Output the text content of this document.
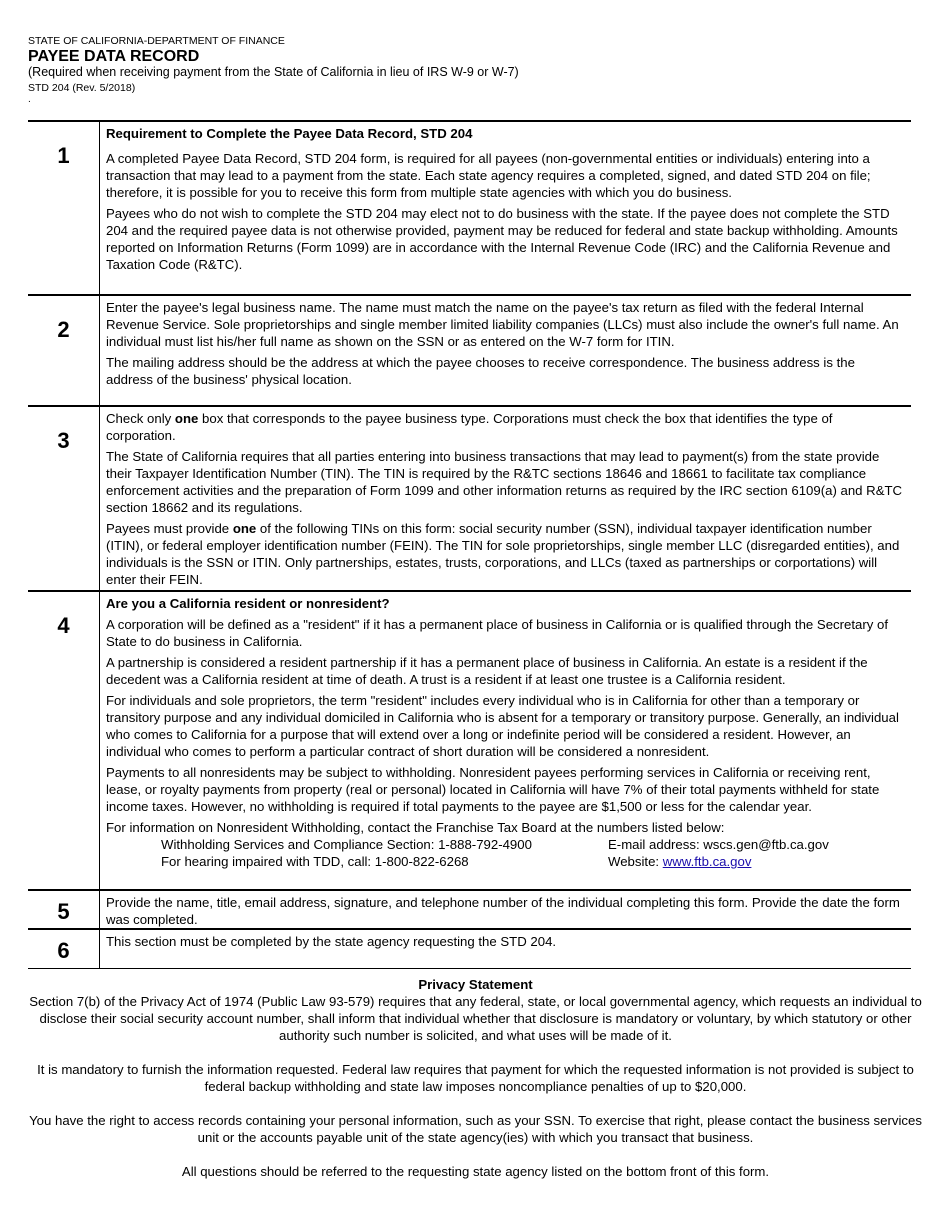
STATE OF CALIFORNIA-DEPARTMENT OF FINANCE
PAYEE DATA RECORD
(Required when receiving payment from the State of California in lieu of IRS W-9 or W-7)
STD 204 (Rev. 5/2018)
.
1

Requirement to Complete the Payee Data Record, STD 204

A completed Payee Data Record, STD 204 form, is required for all payees (non-governmental entities or individuals) entering into a transaction that may lead to a payment from the state. Each state agency requires a completed, signed, and dated STD 204 on file; therefore, it is possible for you to receive this form from multiple state agencies with which you do business.

Payees who do not wish to complete the STD 204 may elect not to do business with the state. If the payee does not complete the STD 204 and the required payee data is not otherwise provided, payment may be reduced for federal and state backup withholding. Amounts reported on Information Returns (Form 1099) are in accordance with the Internal Revenue Code (IRC) and the California Revenue and Taxation Code (R&TC).

2

Enter the payee's legal business name. The name must match the name on the payee's tax return as filed with the federal Internal Revenue Service. Sole proprietorships and single member limited liability companies (LLCs) must also include the owner's full name. An individual must list his/her full name as shown on the SSN or as entered on the W-7 form for ITIN.

The mailing address should be the address at which the payee chooses to receive correspondence. The business address is the address of the business' physical location.

3

Check only one box that corresponds to the payee business type. Corporations must check the box that identifies the type of corporation.

The State of California requires that all parties entering into business transactions that may lead to payment(s) from the state provide their Taxpayer Identification Number (TIN). The TIN is required by the R&TC sections 18646 and 18661 to facilitate tax compliance enforcement activities and the preparation of Form 1099 and other information returns as required by the IRC section 6109(a) and R&TC section 18662 and its regulations.

Payees must provide one of the following TINs on this form: social security number (SSN), individual taxpayer identification number (ITIN), or federal employer identification number (FEIN). The TIN for sole proprietorships, single member LLC (disregarded entities), and individuals is the SSN or ITIN. Only partnerships, estates, trusts, corporations, and LLCs (taxed as partnerships or corportations) will enter their FEIN.

4

Are you a California resident or nonresident?

A corporation will be defined as a "resident" if it has a permanent place of business in California or is qualified through the Secretary of State to do business in California.

A partnership is considered a resident partnership if it has a permanent place of business in California. An estate is a resident if the decedent was a California resident at time of death. A trust is a resident if at least one trustee is a California resident.

For individuals and sole proprietors, the term "resident" includes every individual who is in California for other than a temporary or transitory purpose and any individual domiciled in California who is absent for a temporary or transitory purpose. Generally, an individual who comes to California for a purpose that will extend over a long or indefinite period will be considered a resident. However, an individual who comes to perform a particular contract of short duration will be considered a nonresident.

Payments to all nonresidents may be subject to withholding. Nonresident payees performing services in California or receiving rent, lease, or royalty payments from property (real or personal) located in California will have 7% of their total payments withheld for state income taxes. However, no withholding is required if total payments to the payee are $1,500 or less for the calendar year.

For information on Nonresident Withholding, contact the Franchise Tax Board at the numbers listed below:
Withholding Services and Compliance Section: 1-888-792-4900	E-mail address: wscs.gen@ftb.ca.gov
For hearing impaired with TDD, call: 1-800-822-6268	Website: www.ftb.ca.gov
5	Provide the name, title, email address, signature, and telephone number of the individual completing this form. Provide the date the form was completed.

6	This section must be completed by the state agency requesting the STD 204.

Privacy Statement

Section 7(b) of the Privacy Act of 1974 (Public Law 93-579) requires that any federal, state, or local governmental agency, which requests an individual to disclose their social security account number, shall inform that individual whether that disclosure is mandatory or voluntary, by which statutory or other authority such number is solicited, and what uses will be made of it.

It is mandatory to furnish the information requested. Federal law requires that payment for which the requested information is not provided is subject to federal backup withholding and state law imposes noncompliance penalties of up to $20,000.

You have the right to access records containing your personal information, such as your SSN. To exercise that right, please contact the business services unit or the accounts payable unit of the state agency(ies) with which you transact that business.

All questions should be referred to the requesting state agency listed on the bottom front of this form.
